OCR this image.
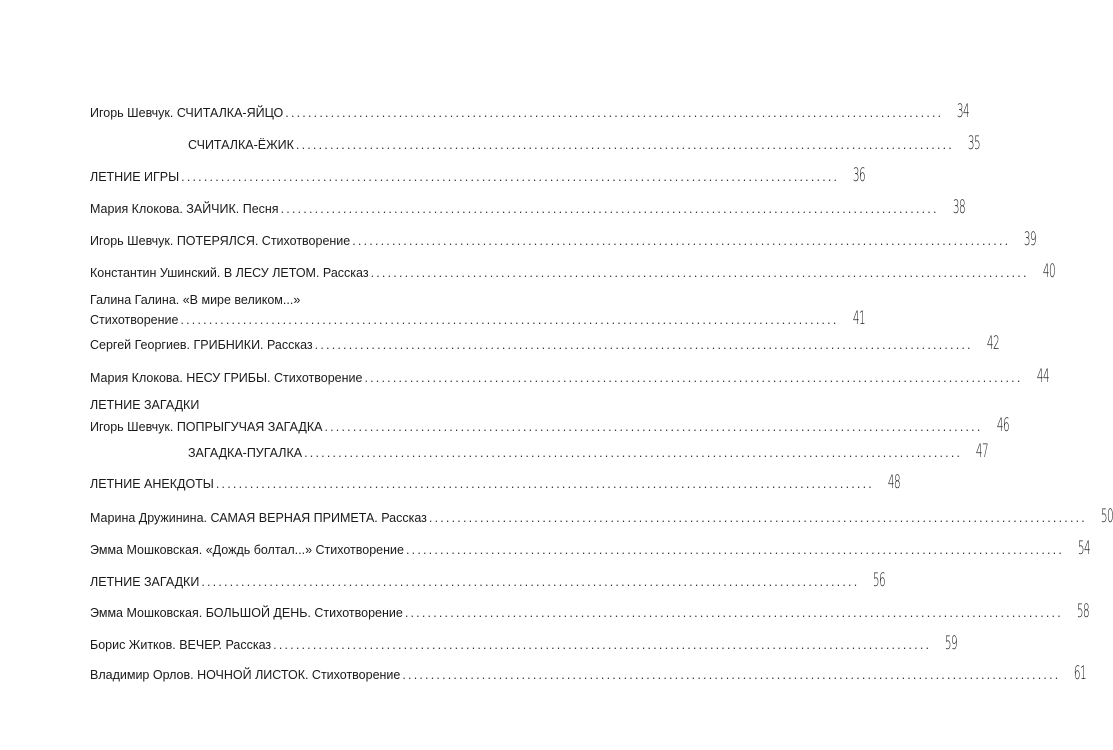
Игорь Шевчук. СЧИТАЛКА-ЯЙЦО .................................................................................................................... 34
СЧИТАЛКА-ЁЖИК .................................................................................................................... 35
ЛЕТНИЕ ИГРЫ .................................................................................................................... 36
Мария Клокова. ЗАЙЧИК. Песня .................................................................................................................... 38
Игорь Шевчук. ПОТЕРЯЛСЯ. Стихотворение .................................................................................................................... 39
Константин Ушинский. В ЛЕСУ ЛЕТОМ. Рассказ .................................................................................................................... 40
Галина Галина. «В мире великом...»
Стихотворение .................................................................................................................... 41
Сергей Георгиев. ГРИБНИКИ. Рассказ .................................................................................................................... 42
Мария Клокова. НЕСУ ГРИБЫ. Стихотворение .................................................................................................................... 44
ЛЕТНИЕ ЗАГАДКИ
Игорь Шевчук. ПОПРЫГУЧАЯ ЗАГАДКА .................................................................................................................... 46
ЗАГАДКА-ПУГАЛКА .................................................................................................................... 47
ЛЕТНИЕ АНЕКДОТЫ .................................................................................................................... 48
Марина Дружинина. САМАЯ ВЕРНАЯ ПРИМЕТА. Рассказ .................................................................................................................... 50
Эмма Мошковская. «Дождь болтал...» Стихотворение .................................................................................................................... 54
ЛЕТНИЕ ЗАГАДКИ .................................................................................................................... 56
Эмма Мошковская. БОЛЬШОЙ ДЕНЬ. Стихотворение .................................................................................................................... 58
Борис Житков. ВЕЧЕР. Рассказ .................................................................................................................... 59
Владимир Орлов. НОЧНОЙ ЛИСТОК. Стихотворение .................................................................................................................... 61
